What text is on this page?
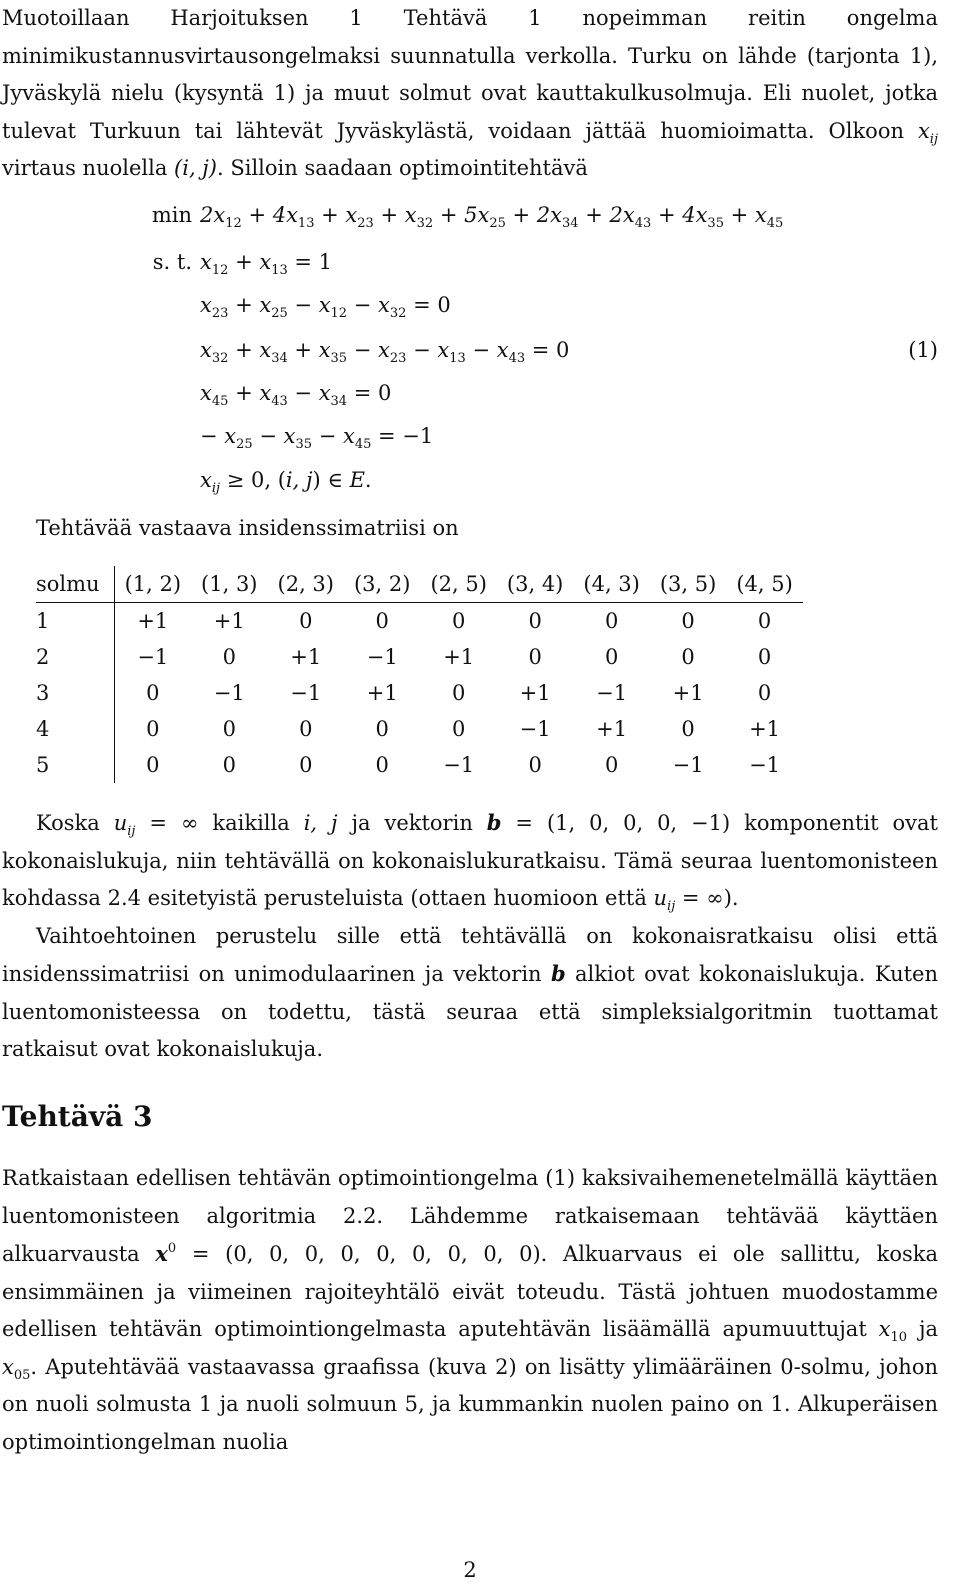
Muotoillaan Harjoituksen 1 Tehtävä 1 nopeimman reitin ongelma minimikustannusvirtausongelmaksi suunnatulla verkolla. Turku on lähde (tarjonta 1), Jyväskylä nielu (kysyntä 1) ja muut solmut ovat kauttakulkusolmuja. Eli nuolet, jotka tulevat Turkuun tai lähtevät Jyväskylästä, voidaan jättää huomioimatta. Olkoon $x_{ij}$ virtaus nuolella (i, j). Silloin saadaan optimointitehtävä

$\min 2x_{12} + 4x_{13} + x_{23} + x_{32} + 5x_{25} + 2x_{34} + 2x_{43} + 4x_{35} + x_{45}$
s. t. $x_{12} + x_{13} = 1$
$x_{23} + x_{25} - x_{12} - x_{32} = 0$
$x_{32} + x_{34} + x_{35} - x_{23} - x_{13} - x_{43} = 0$
$x_{45} + x_{43} - x_{34} = 0$
− $x_{25} - x_{35} - x_{45} = -1$
$x_{ij} \ge 0$, (i, j) ∈ E.
(1)
Tehtävää vastaava insidenssimatriisi on
solmu	(1, 2)	(1, 3)	(2, 3)	(3, 2)	(2, 5)	(3, 4)	(4, 3)	(3, 5)	(4, 5)
1	+1	+1	0	0	0	0	0	0	0
2	−1	0	+1	−1	+1	0	0	0	0
3	0	−1	−1	+1	0	+1	−1	+1	0
4	0	0	0	0	0	−1	+1	0	+1
5	0	0	0	0	−1	0	0	−1	−1

Koska $u_{ij}$ = ∞ kaikilla i, j ja vektorin b = (1, 0, 0, 0, −1) komponentit ovat kokonaislukuja, niin tehtävällä on kokonaislukuratkaisu. Tämä seuraa luentomonisteen kohdassa 2.4 esitetyistä perusteluista (ottaen huomioon että $u_{ij}$ = ∞).

Vaihtoehtoinen perustelu sille että tehtävällä on kokonaisratkaisu olisi että insidenssimatriisi on unimodulaarinen ja vektorin b alkiot ovat kokonaislukuja. Kuten luentomonisteessa on todettu, tästä seuraa että simpleksialgoritmin tuottamat ratkaisut ovat kokonaislukuja.

Tehtävä 3

Ratkaistaan edellisen tehtävän optimointiongelma (1) kaksivaihemenetelmällä käyttäen luentomonisteen algoritmia 2.2. Lähdemme ratkaisemaan tehtävää käyttäen alkuarvausta $x^0 = (0$, 0, 0, 0, 0, 0, 0, 0, 0). Alkuarvaus ei ole sallittu, koska ensimmäinen ja viimeinen rajoiteyhtälö eivät toteudu. Tästä johtuen muodostamme edellisen tehtävän optimointiongelmasta aputehtävän lisäämällä apumuuttujat $x_{10}$ ja $x_{05}$. Aputehtävää vastaavassa graafissa (kuva 2) on lisätty ylimääräinen 0-solmu, johon on nuoli solmusta 1 ja nuoli solmuun 5, ja kummankin nuolen paino on 1. Alkuperäisen optimointiongelman nuolia

2
